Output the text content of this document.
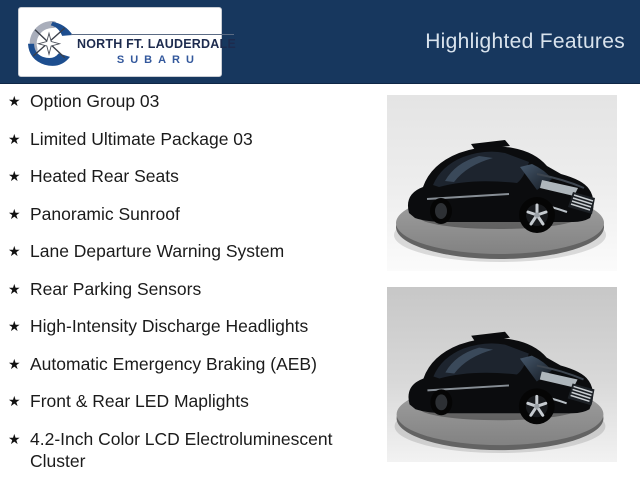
NORTH FT. LAUDERDALE
SUBARU
Highlighted Features
★ Option Group 03
★ Limited Ultimate Package 03
★ Heated Rear Seats
★ Panoramic Sunroof
★ Lane Departure Warning System
★ Rear Parking Sensors
★ High-Intensity Discharge Headlights
★ Automatic Emergency Braking (AEB)
★ Front & Rear LED Maplights
★ 4.2-Inch Color LCD Electroluminescent Cluster
